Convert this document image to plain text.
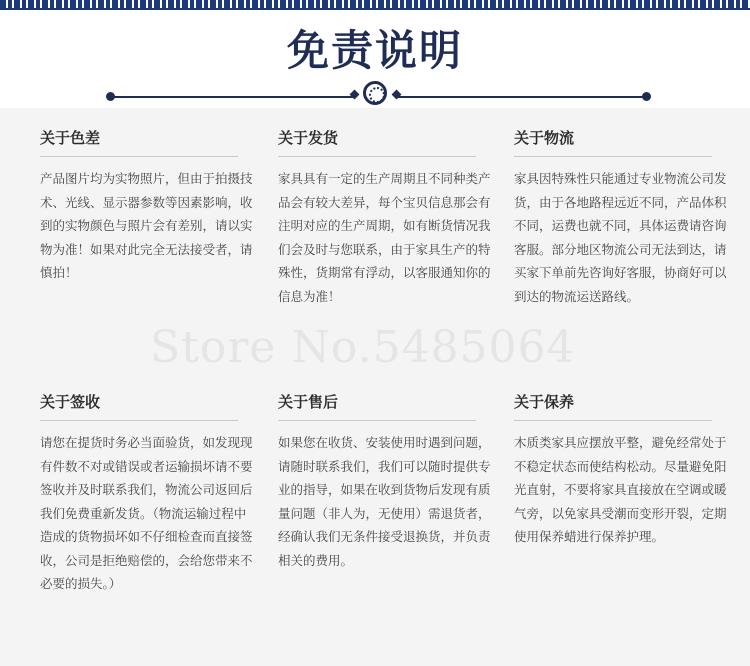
免责说明
Store No.5485064
关于色差

产品图片均为实物照片，但由于拍摄技术、光线、显示器参数等因素影响，收到的实物颜色与照片会有差别，请以实物为准！如果对此完全无法接受者，请慎拍！

关于发货

家具具有一定的生产周期且不同种类产品会有较大差异，每个宝贝信息那会有注明对应的生产周期，如有断货情况我们会及时与您联系，由于家具生产的特殊性，货期常有浮动，以客服通知你的信息为准！

关于物流

家具因特殊性只能通过专业物流公司发货，由于各地路程远近不同，产品体积不同，运费也就不同，具体运费请咨询客服。部分地区物流公司无法到达，请买家下单前先咨询好客服，协商好可以到达的物流运送路线。

关于签收

请您在提货时务必当面验货，如发现现有件数不对或错误或者运输损坏请不要签收并及时联系我们，物流公司返回后我们免费重新发货。（物流运输过程中造成的货物损坏如不仔细检查而直接签收，公司是拒绝赔偿的，会给您带来不必要的损失。）

关于售后

如果您在收货、安装使用时遇到问题，请随时联系我们，我们可以随时提供专业的指导，如果在收到货物后发现有质量问题（非人为，无使用）需退货者，经确认我们无条件接受退换货，并负责相关的费用。

关于保养

木质类家具应摆放平整，避免经常处于不稳定状态而使结构松动。尽量避免阳光直射，不要将家具直接放在空调或暖气旁，以免家具受潮而变形开裂，定期使用保养蜡进行保养护理。
